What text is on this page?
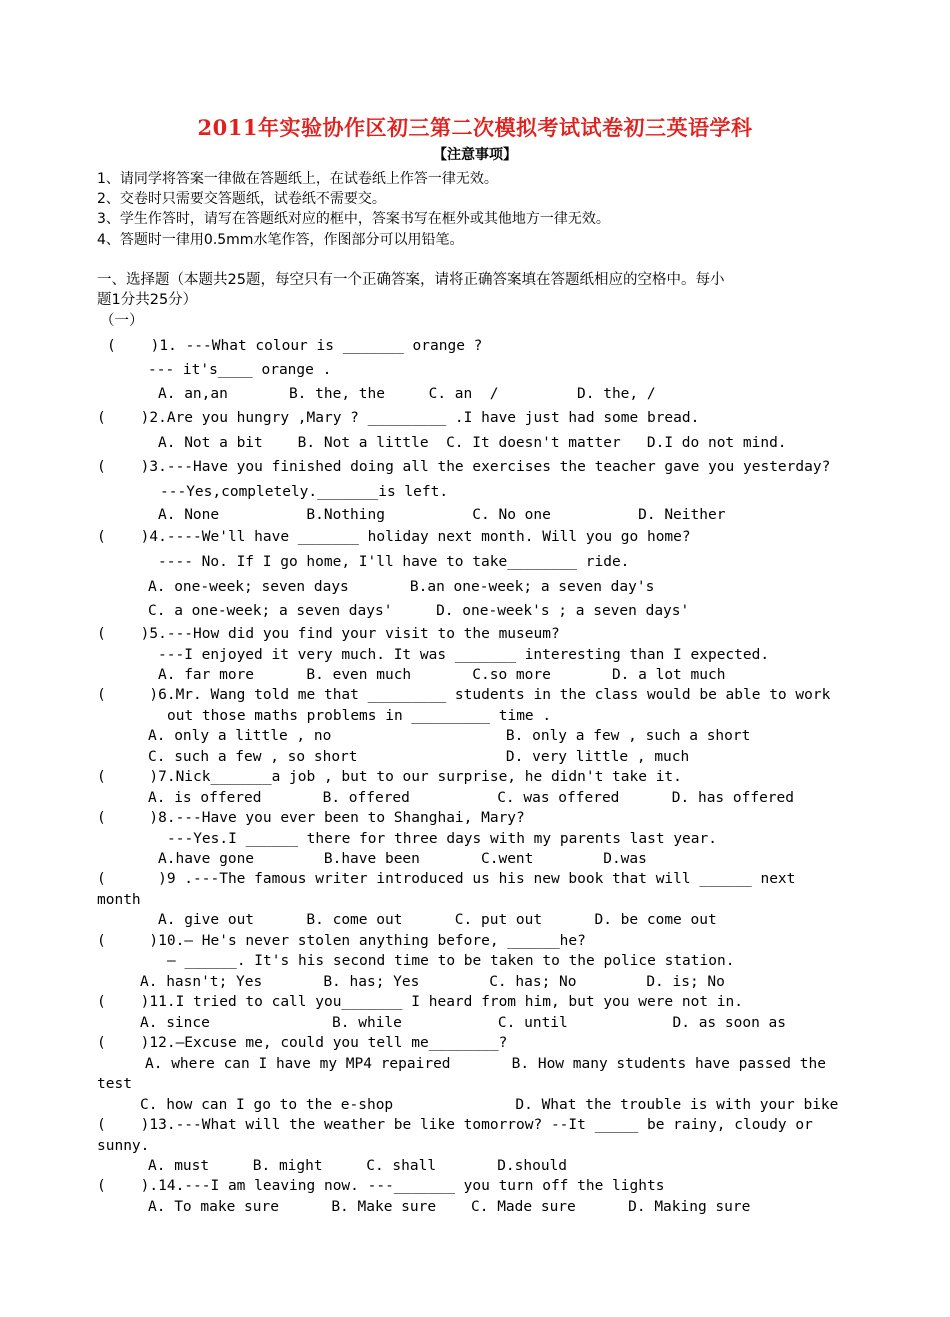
2011年实验协作区初三第二次模拟考试试卷初三英语学科
【注意事项】
1、请同学将答案一律做在答题纸上，在试卷纸上作答一律无效。
2、交卷时只需要交答题纸，试卷纸不需要交。
3、学生作答时，请写在答题纸对应的框中，答案书写在框外或其他地方一律无效。
4、答题时一律用0.5mm水笔作答，作图部分可以用铅笔。
一、选择题（本题共25题，每空只有一个正确答案，请将正确答案填在答题纸相应的空格中。每小
题1分共25分）
（一）
(    )1. ---What colour is _______ orange ?
--- it's____ orange .
A. an,an       B. the, the     C. an  /         D. the, /
(    )2.Are you hungry ,Mary ? _________ .I have just had some bread.
A. Not a bit    B. Not a little  C. It doesn't matter   D.I do not mind.
(    )3.---Have you finished doing all the exercises the teacher gave you yesterday?
---Yes,completely._______is left.
A. None          B.Nothing          C. No one          D. Neither
(    )4.----We'll have _______ holiday next month. Will you go home?
---- No. If I go home, I'll have to take________ ride.
A. one-week; seven days       B.an one-week; a seven day's
C. a one-week; a seven days'     D. one-week's ; a seven days'
(    )5.---How did you find your visit to the museum?
---I enjoyed it very much. It was _______ interesting than I expected.
A. far more      B. even much       C.so more       D. a lot much
(     )6.Mr. Wang told me that _________ students in the class would be able to work
out those maths problems in _________ time .
A. only a little , no                    B. only a few , such a short
C. such a few , so short                 D. very little , much
(     )7.Nick_______a job , but to our surprise, he didn't take it.
A. is offered       B. offered          C. was offered      D. has offered
(     )8.---Have you ever been to Shanghai, Mary?
---Yes.I ______ there for three days with my parents last year.
A.have gone        B.have been       C.went        D.was
(      )9 .---The famous writer introduced us his new book that will ______ next
month
A. give out      B. come out      C. put out      D. be come out
(     )10.— He's never stolen anything before, ______he?
— ______. It's his second time to be taken to the police station.
A. hasn't; Yes       B. has; Yes        C. has; No        D. is; No
(    )11.I tried to call you_______ I heard from him, but you were not in.
A. since              B. while           C. until            D. as soon as
(    )12.—Excuse me, could you tell me________?
A. where can I have my MP4 repaired       B. How many students have passed the
test
C. how can I go to the e-shop              D. What the trouble is with your bike
(    )13.---What will the weather be like tomorrow? --It _____ be rainy, cloudy or
sunny.
A. must     B. might     C. shall       D.should
(    ).14.---I am leaving now. ---_______ you turn off the lights
A. To make sure      B. Make sure    C. Made sure      D. Making sure
